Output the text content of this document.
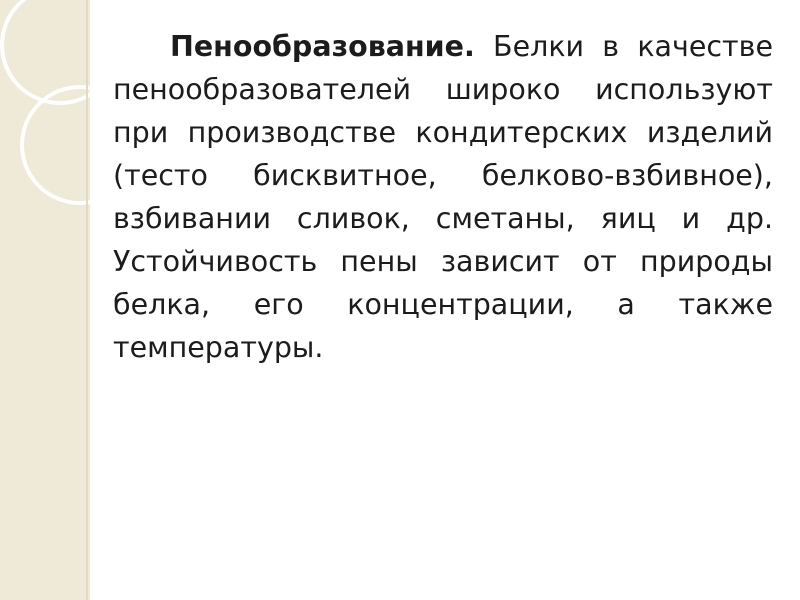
Пенообразование. Белки в качестве пенообразователей широко используют при производстве кондитерских изделий (тесто бисквитное, белково-взбивное), взбивании сливок, сметаны, яиц и др. Устойчивость пены зависит от природы белка, его концентрации, а также температуры.
